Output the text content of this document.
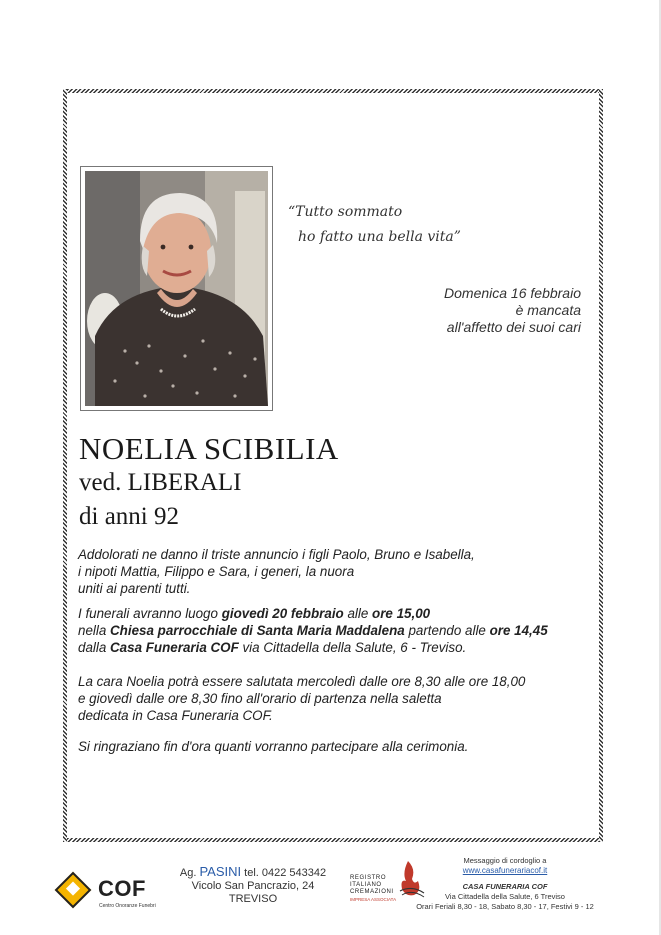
“Tutto sommato
ho fatto una bella vita”
Domenica 16 febbraio
è mancata
all'affetto dei suoi cari
NOELIA SCIBILIA
ved. LIBERALI
di anni 92
Addolorati ne danno il triste annuncio i figli Paolo, Bruno e Isabella,
i nipoti Mattia, Filippo e Sara, i generi, la nuora
uniti ai parenti tutti.
I funerali avranno luogo giovedì 20 febbraio alle ore 15,00
nella Chiesa parrocchiale di Santa Maria Maddalena partendo alle ore 14,45
dalla Casa Funeraria COF via Cittadella della Salute, 6 - Treviso.
La cara Noelia potrà essere salutata mercoledì dalle ore 8,30 alle ore 18,00
e giovedì dalle ore 8,30 fino all'orario di partenza nella saletta
dedicata in Casa Funeraria COF.
Si ringraziano fin d'ora quanti vorranno partecipare alla cerimonia.
COF
Centro Onoranze Funebri
Ag. PASINI tel. 0422 543342
Vicolo San Pancrazio, 24
TREVISO
REGISTRO
ITALIANO
CREMAZIONI
IMPRESA ASSOCIATA
Messaggio di cordoglio a
www.casafunerariacof.it
CASA FUNERARIA COF
Via Cittadella della Salute, 6 Treviso
Orari Feriali 8,30 - 18, Sabato 8,30 - 17, Festivi 9 - 12
